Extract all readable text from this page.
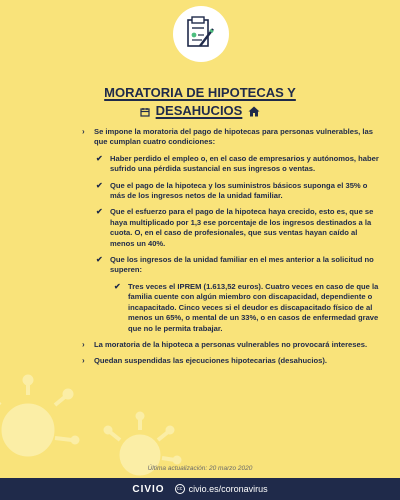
MORATORIA DE HIPOTECAS Y
DESAHUCIOS
›	Se impone la moratoria del pago de hipotecas para personas vulnerables, las que cumplan cuatro condiciones:
✔ Haber perdido el empleo o, en el caso de empresarios y autónomos, haber sufrido una pérdida sustancial en sus ingresos o ventas.
✔ Que el pago de la hipoteca y los suministros básicos suponga el 35% o más de los ingresos netos de la unidad familiar.
✔ Que el esfuerzo para el pago de la hipoteca haya crecido, esto es, que se haya multiplicado por 1,3 ese porcentaje de los ingresos destinados a la cuota. O, en el caso de profesionales, que sus ventas hayan caído al menos un 40%.
✔ Que los ingresos de la unidad familiar en el mes anterior a la solicitud no superen:
✔ Tres veces el IPREM (1.613,52 euros). Cuatro veces en caso de que la familia cuente con algún miembro con discapacidad, dependiente o incapacitado. Cinco veces si el deudor es discapacitado físico de al menos un 65%, o mental de un 33%, o en casos de enfermedad grave que no le permita trabajar.
›	La moratoria de la hipoteca a personas vulnerables no provocará intereses.
›	Quedan suspendidas las ejecuciones hipotecarias (desahucios).
Última actualización: 20 marzo 2020
CIVIO	cc civio.es/coronavirus
